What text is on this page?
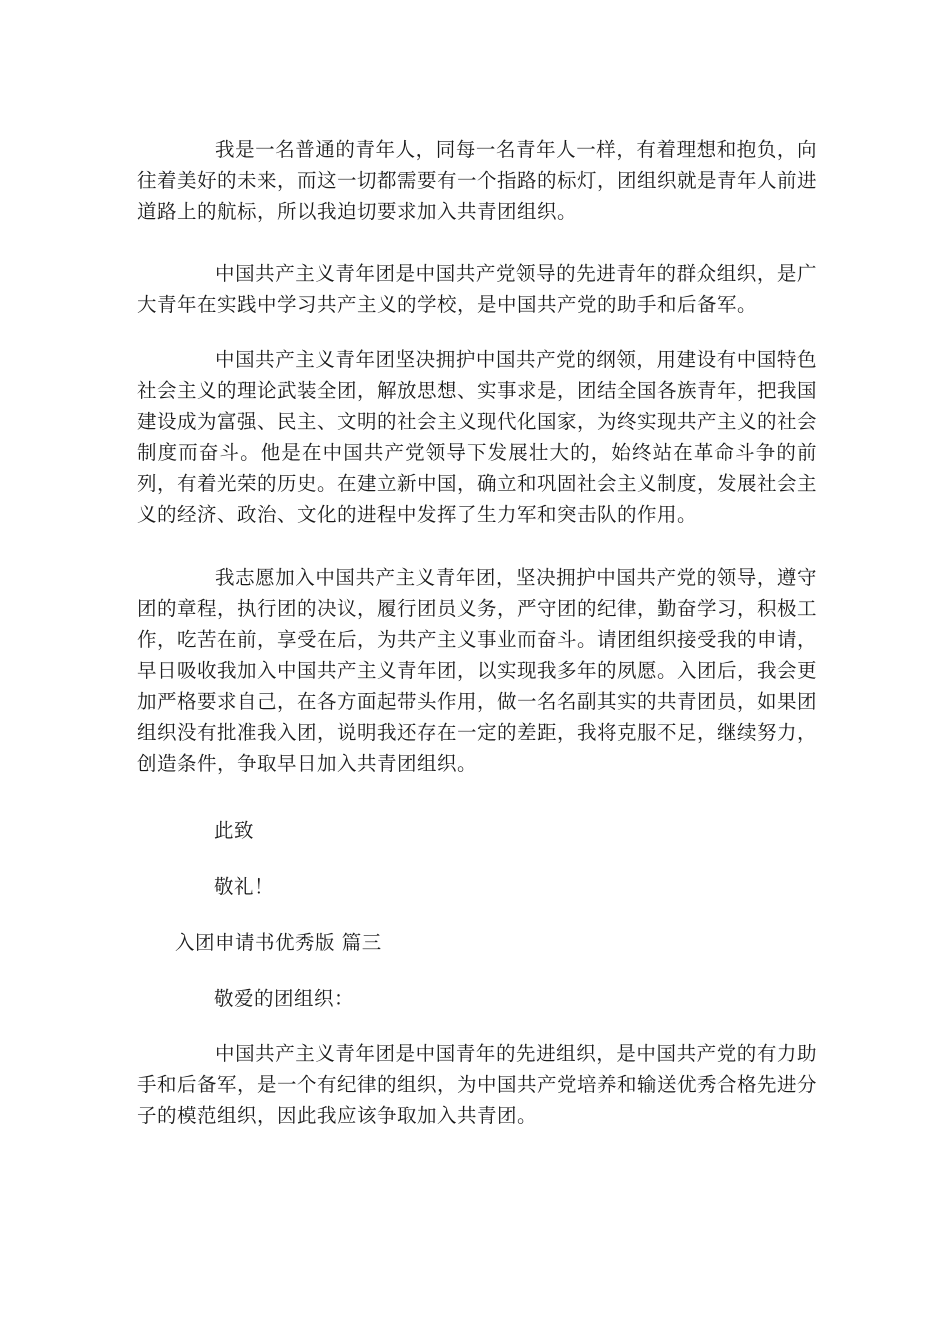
我是一名普通的青年人，同每一名青年人一样，有着理想和抱负，向往着美好的未来，而这一切都需要有一个指路的标灯，团组织就是青年人前进道路上的航标，所以我迫切要求加入共青团组织。

中国共产主义青年团是中国共产党领导的先进青年的群众组织，是广大青年在实践中学习共产主义的学校，是中国共产党的助手和后备军。

中国共产主义青年团坚决拥护中国共产党的纲领，用建设有中国特色社会主义的理论武装全团，解放思想、实事求是，团结全国各族青年，把我国建设成为富强、民主、文明的社会主义现代化国家，为终实现共产主义的社会制度而奋斗。他是在中国共产党领导下发展壮大的，始终站在革命斗争的前列，有着光荣的历史。在建立新中国，确立和巩固社会主义制度，发展社会主义的经济、政治、文化的进程中发挥了生力军和突击队的作用。

我志愿加入中国共产主义青年团，坚决拥护中国共产党的领导，遵守团的章程，执行团的决议，履行团员义务，严守团的纪律，勤奋学习，积极工作，吃苦在前，享受在后，为共产主义事业而奋斗。请团组织接受我的申请，早日吸收我加入中国共产主义青年团，以实现我多年的夙愿。入团后，我会更加严格要求自己，在各方面起带头作用，做一名名副其实的共青团员，如果团组织没有批准我入团，说明我还存在一定的差距，我将克服不足，继续努力，创造条件，争取早日加入共青团组织。

此致

敬礼！

入团申请书优秀版 篇三

敬爱的团组织：

中国共产主义青年团是中国青年的先进组织，是中国共产党的有力助手和后备军，是一个有纪律的组织，为中国共产党培养和输送优秀合格先进分子的模范组织，因此我应该争取加入共青团。
